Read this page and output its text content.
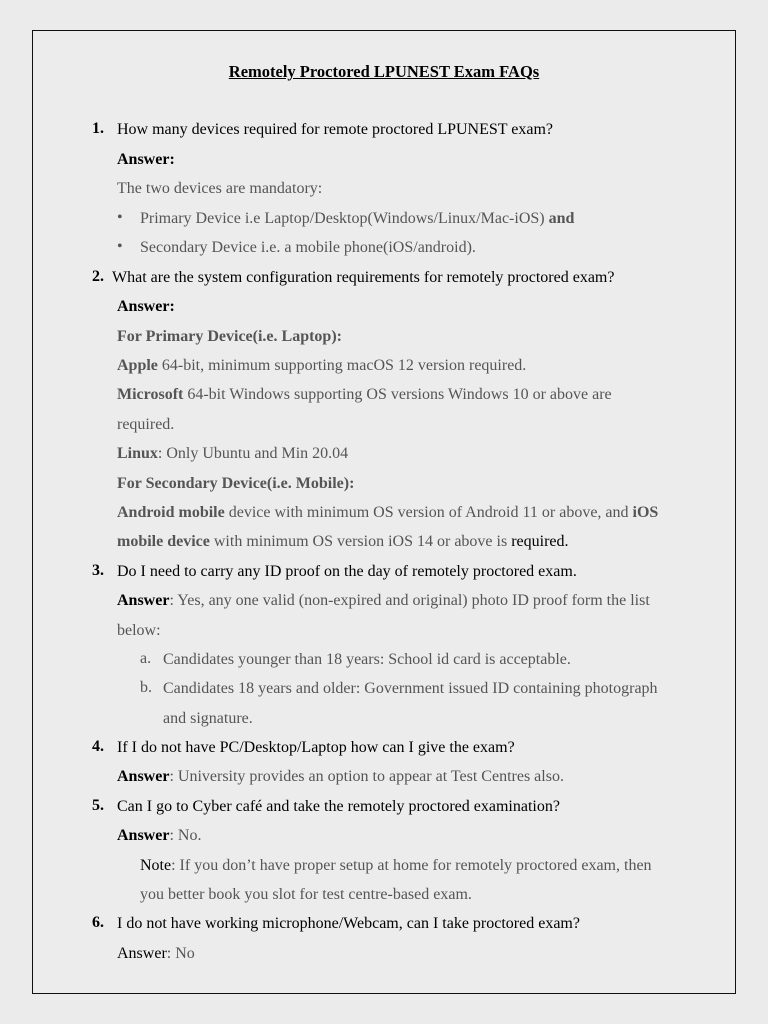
Remotely Proctored LPUNEST Exam FAQs
1. How many devices required for remote proctored LPUNEST exam?
Answer:
The two devices are mandatory:
• Primary Device i.e Laptop/Desktop(Windows/Linux/Mac-iOS) and
• Secondary Device i.e. a mobile phone(iOS/android).
2. What are the system configuration requirements for remotely proctored exam?
Answer:
For Primary Device(i.e. Laptop):
Apple 64-bit, minimum supporting macOS 12 version required.
Microsoft 64-bit Windows supporting OS versions Windows 10 or above are
required.
Linux: Only Ubuntu and Min 20.04
For Secondary Device(i.e. Mobile):
Android mobile device with minimum OS version of Android 11 or above, and iOS
mobile device with minimum OS version iOS 14 or above is required.
3. Do I need to carry any ID proof on the day of remotely proctored exam.
Answer: Yes, any one valid (non-expired and original) photo ID proof form the list
below:
a. Candidates younger than 18 years: School id card is acceptable.
b. Candidates 18 years and older: Government issued ID containing photograph
and signature.
4. If I do not have PC/Desktop/Laptop how can I give the exam?
Answer: University provides an option to appear at Test Centres also.
5. Can I go to Cyber café and take the remotely proctored examination?
Answer: No.
Note: If you don’t have proper setup at home for remotely proctored exam, then
you better book you slot for test centre-based exam.
6. I do not have working microphone/Webcam, can I take proctored exam?
Answer: No
